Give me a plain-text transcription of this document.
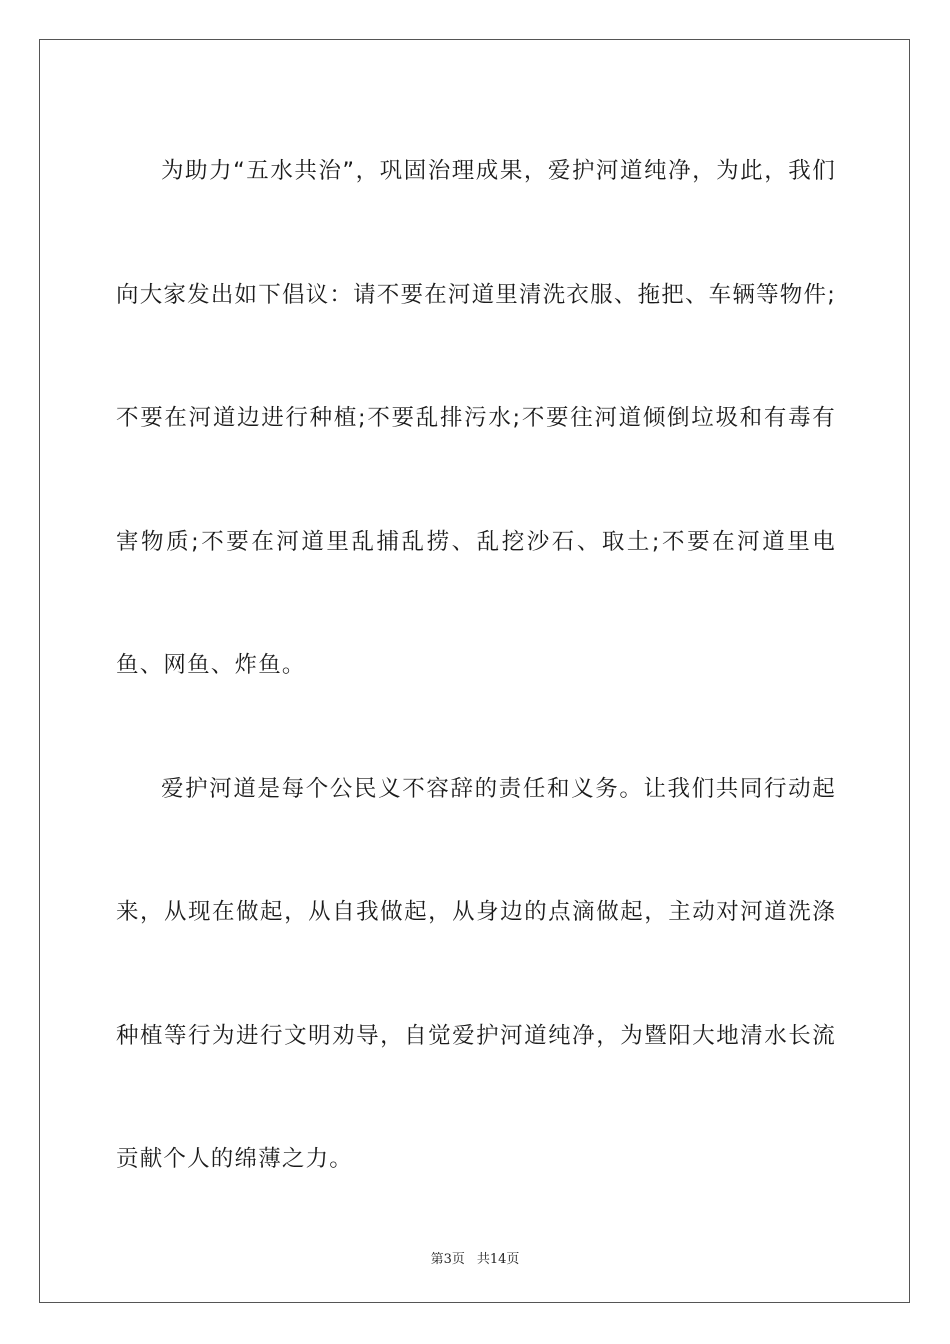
为助力“五水共治”，巩固治理成果，爱护河道纯净，为此，我们向大家发出如下倡议：请不要在河道里清洗衣服、拖把、车辆等物件;不要在河道边进行种植;不要乱排污水;不要往河道倾倒垃圾和有毒有害物质;不要在河道里乱捕乱捞、乱挖沙石、取土;不要在河道里电鱼、网鱼、炸鱼。

爱护河道是每个公民义不容辞的责任和义务。让我们共同行动起来，从现在做起，从自我做起，从身边的点滴做起，主动对河道洗涤种植等行为进行文明劝导，自觉爱护河道纯净，为暨阳大地清水长流贡献个人的绵薄之力。

第3页 共14页
